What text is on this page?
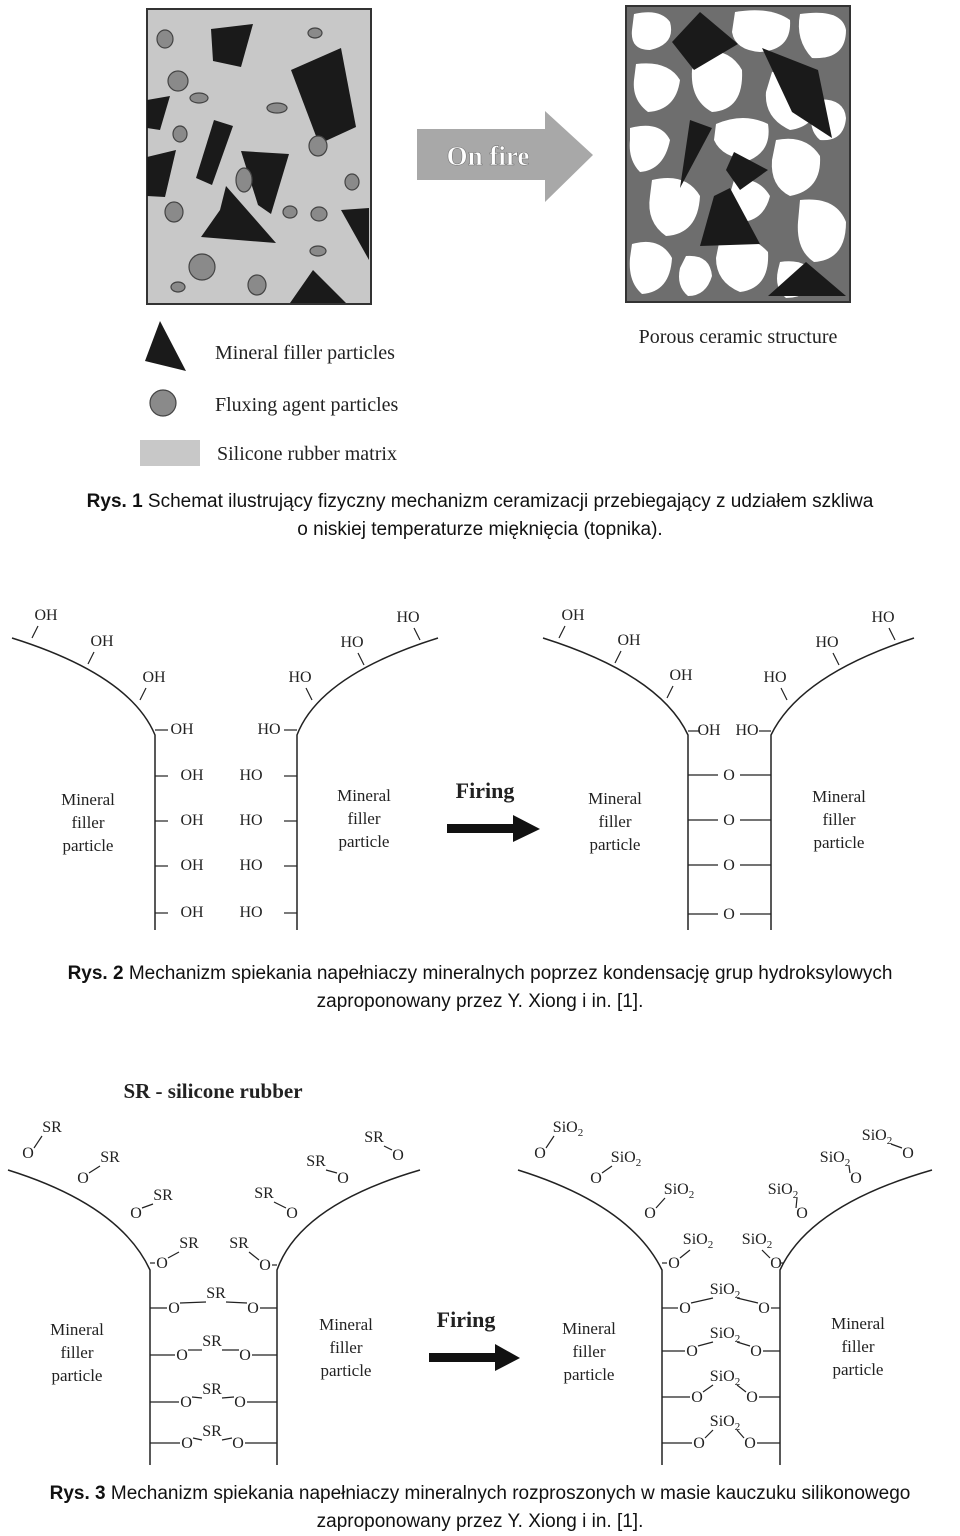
On fire
Porous ceramic structure
Mineral filler particles
Fluxing agent particles
Silicone rubber matrix
Rys. 1 Schemat ilustrujący fizyczny mechanizm ceramizacji przebiegający z udziałem szkliwa
o niskiej temperaturze mięknięcia (topnika).
OH
OH
OH
HO
HO
HO
OH	HO
OH HO
OH HO
OH HO
OH HO
OH
OH
OH
HO
HO
HO
OH HO
O
O
O
O
Mineral
filler
particle
Mineral
filler
particle
Mineral
filler
particle
Mineral
filler
particle
Firing
Rys. 2 Mechanizm spiekania napełniaczy mineralnych poprzez kondensację grup hydroksylowych
zaproponowany przez Y. Xiong i in. [1].
SR - silicone rubber
SR
O	SR
O
SR
O
SR
O
SR
O
SR
O
SR
O
SR
O
SR
O	O
SR
O	O
SR
O	O
SR
O O
SiO$_2$
O	SiO$_2$
O
SiO$_2$
O
SiO$_2$
O
SiO$_2$
O
SiO$_2$
O
SiO$_2$
O
SiO$_2$
O
SiO$_2$
O	O
SiO$_2$
O	O
SiO$_2$
O	O
SiO$_2$
O O
Mineral
filler
particle
Mineral
filler
particle
Mineral
filler
particle
Mineral
filler
particle
Firing
Rys. 3 Mechanizm spiekania napełniaczy mineralnych rozproszonych w masie kauczuku silikonowego
zaproponowany przez Y. Xiong i in. [1].
